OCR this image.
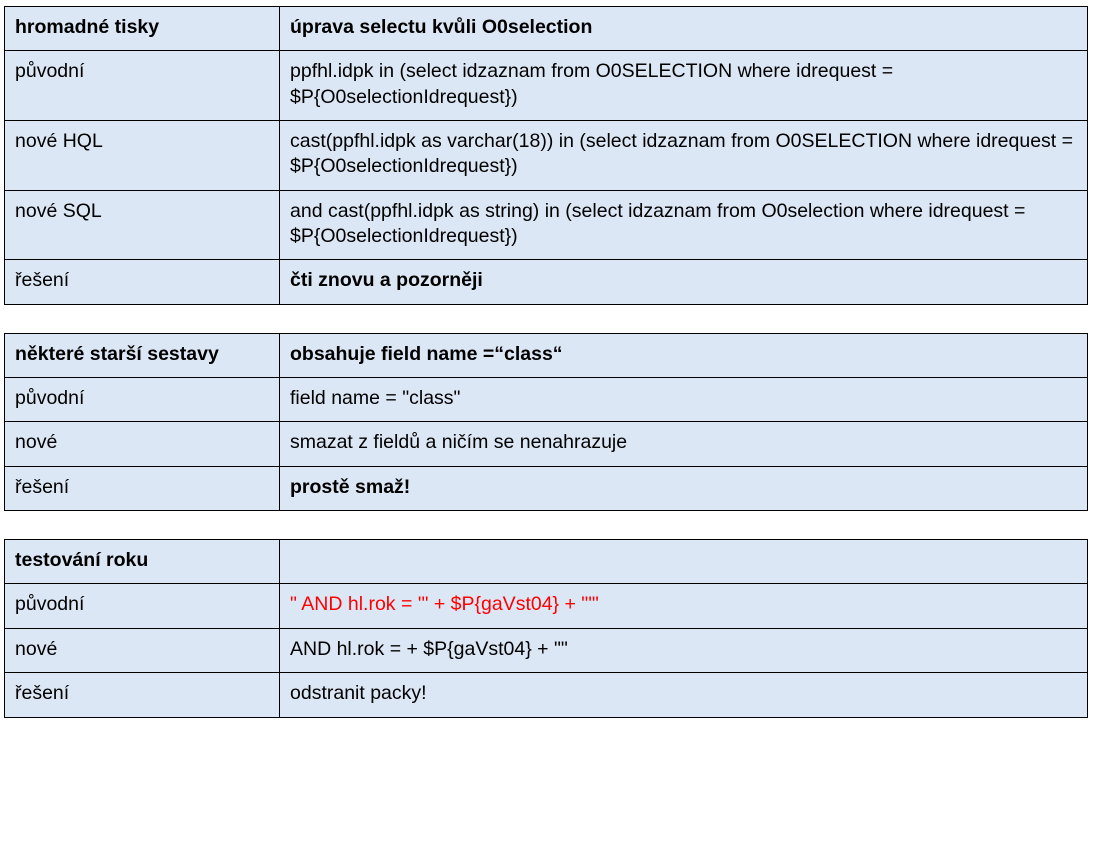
hromadné tisky	úprava selectu kvůli O0selection
původní	ppfhl.idpk in (select idzaznam from O0SELECTION where idrequest = $P{O0selectionIdrequest})
nové HQL	cast(ppfhl.idpk as varchar(18)) in (select idzaznam from O0SELECTION where idrequest = $P{O0selectionIdrequest})
nové SQL	and cast(ppfhl.idpk as string) in (select idzaznam from O0selection where idrequest = $P{O0selectionIdrequest})
řešení	čti znovu a pozorněji
některé starší sestavy	obsahuje field name =“class“
původní	field name = "class"
nové	smazat z fieldů a ničím se nenahrazuje
řešení	prostě smaž!
testování roku	
původní	" AND hl.rok = '" + $P{gaVst04} + "'"
nové	AND hl.rok = + $P{gaVst04} + ""
řešení	odstranit packy!
